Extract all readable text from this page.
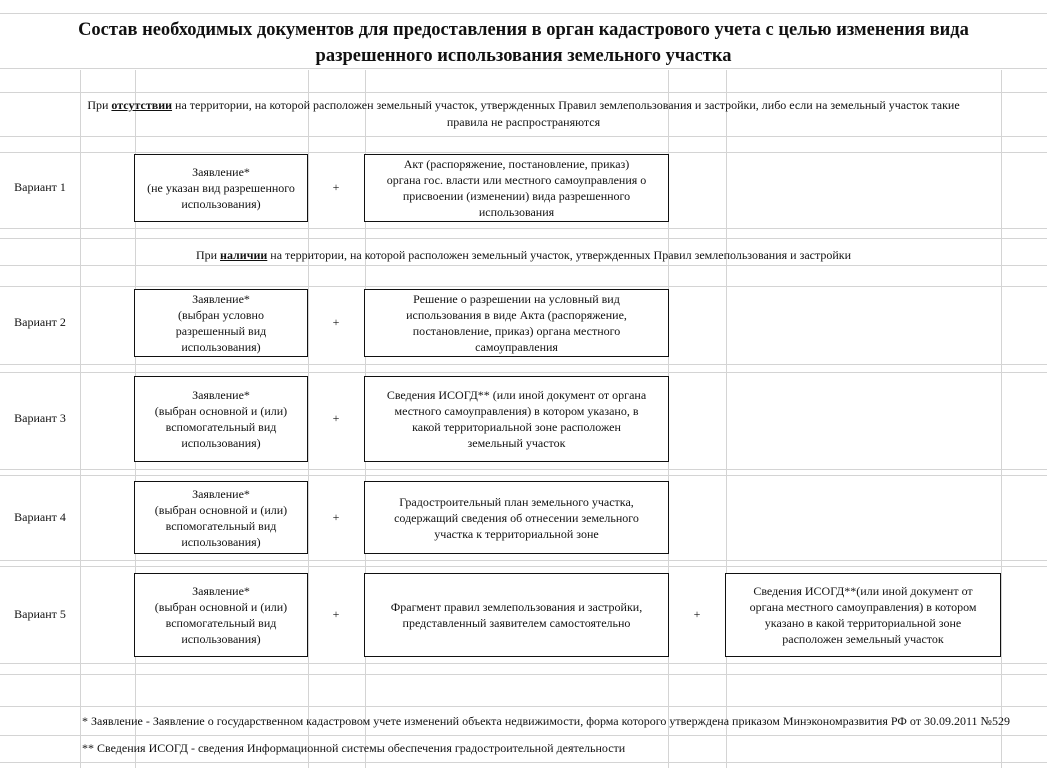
Состав необходимых документов для предоставления в орган кадастрового учета с целью изменения вида
разрешенного использования земельного участка
При отсутствии на территории, на которой расположен земельный участок, утвержденных Правил землепользования и застройки, либо если на земельный участок такие
правила не распространяются
При наличии на территории, на которой расположен земельный участок, утвержденных Правил землепользования и застройки
Вариант 1
Заявление*
(не указан вид разрешенного
использования)
+
Акт (распоряжение, постановление, приказ)
органа гос. власти или местного самоуправления о
присвоении (изменении) вида разрешенного
использования
Вариант 2
Заявление*
(выбран условно
разрешенный вид
использования)
+
Решение о разрешении на условный вид
использования в виде Акта (распоряжение,
постановление, приказ) органа местного
самоуправления
Вариант 3
Заявление*
(выбран основной и (или)
вспомогательный вид
использования)
+
Сведения ИСОГД** (или иной документ от органа
местного самоуправления) в котором указано, в
какой территориальной зоне расположен
земельный участок
Вариант 4
Заявление*
(выбран основной и (или)
вспомогательный вид
использования)
+
Градостроительный план земельного участка,
содержащий сведения об отнесении земельного
участка к территориальной зоне
Вариант 5
Заявление*
(выбран основной и (или)
вспомогательный вид
использования)
+	Фрагмент правил землепользования и застройки,
представленный заявителем самостоятельно
+
Сведения ИСОГД**(или иной документ от
органа местного самоуправления) в котором
указано в какой территориальной зоне
расположен земельный участок
* Заявление - Заявление о государственном кадастровом учете изменений объекта недвижимости, форма которого утверждена приказом Минэкономразвития РФ от 30.09.2011 №529
** Сведения ИСОГД - сведения Информационной системы обеспечения градостроительной деятельности
